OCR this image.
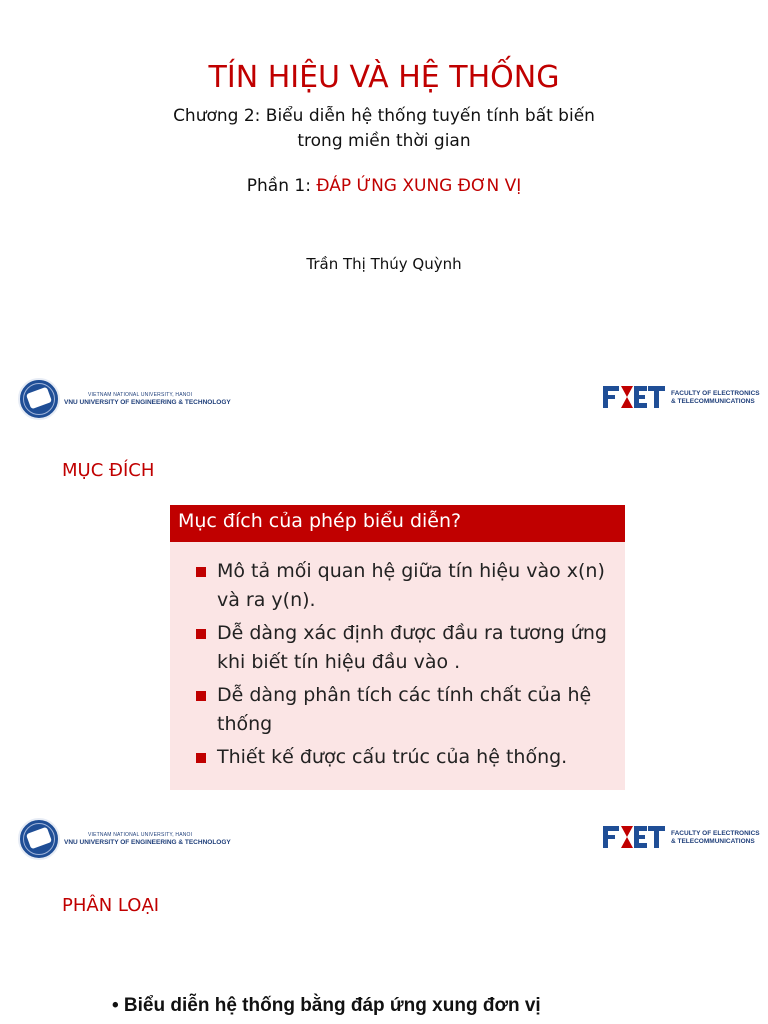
TÍN HIỆU VÀ HỆ THỐNG
Chương 2: Biểu diễn hệ thống tuyến tính bất biến
trong miền thời gian
Phần 1: ĐÁP ỨNG XUNG ĐƠN VỊ
Trần Thị Thúy Quỳnh
VIETNAM NATIONAL UNIVERSITY, HANOI
VNU UNIVERSITY OF ENGINEERING & TECHNOLOGY
FACULTY OF ELECTRONICS
& TELECOMMUNICATIONS
MỤC ĐÍCH
Mục đích của phép biểu diễn?
Mô tả mối quan hệ giữa tín hiệu vào x(n) và ra y(n).
Dễ dàng xác định được đầu ra tương ứng khi biết tín hiệu đầu vào .
Dễ dàng phân tích các tính chất của hệ thống
Thiết kế được cấu trúc của hệ thống.
VIETNAM NATIONAL UNIVERSITY, HANOI
VNU UNIVERSITY OF ENGINEERING & TECHNOLOGY
FACULTY OF ELECTRONICS
& TELECOMMUNICATIONS
PHÂN LOẠI
• Biểu diễn hệ thống bằng đáp ứng xung đơn vị
